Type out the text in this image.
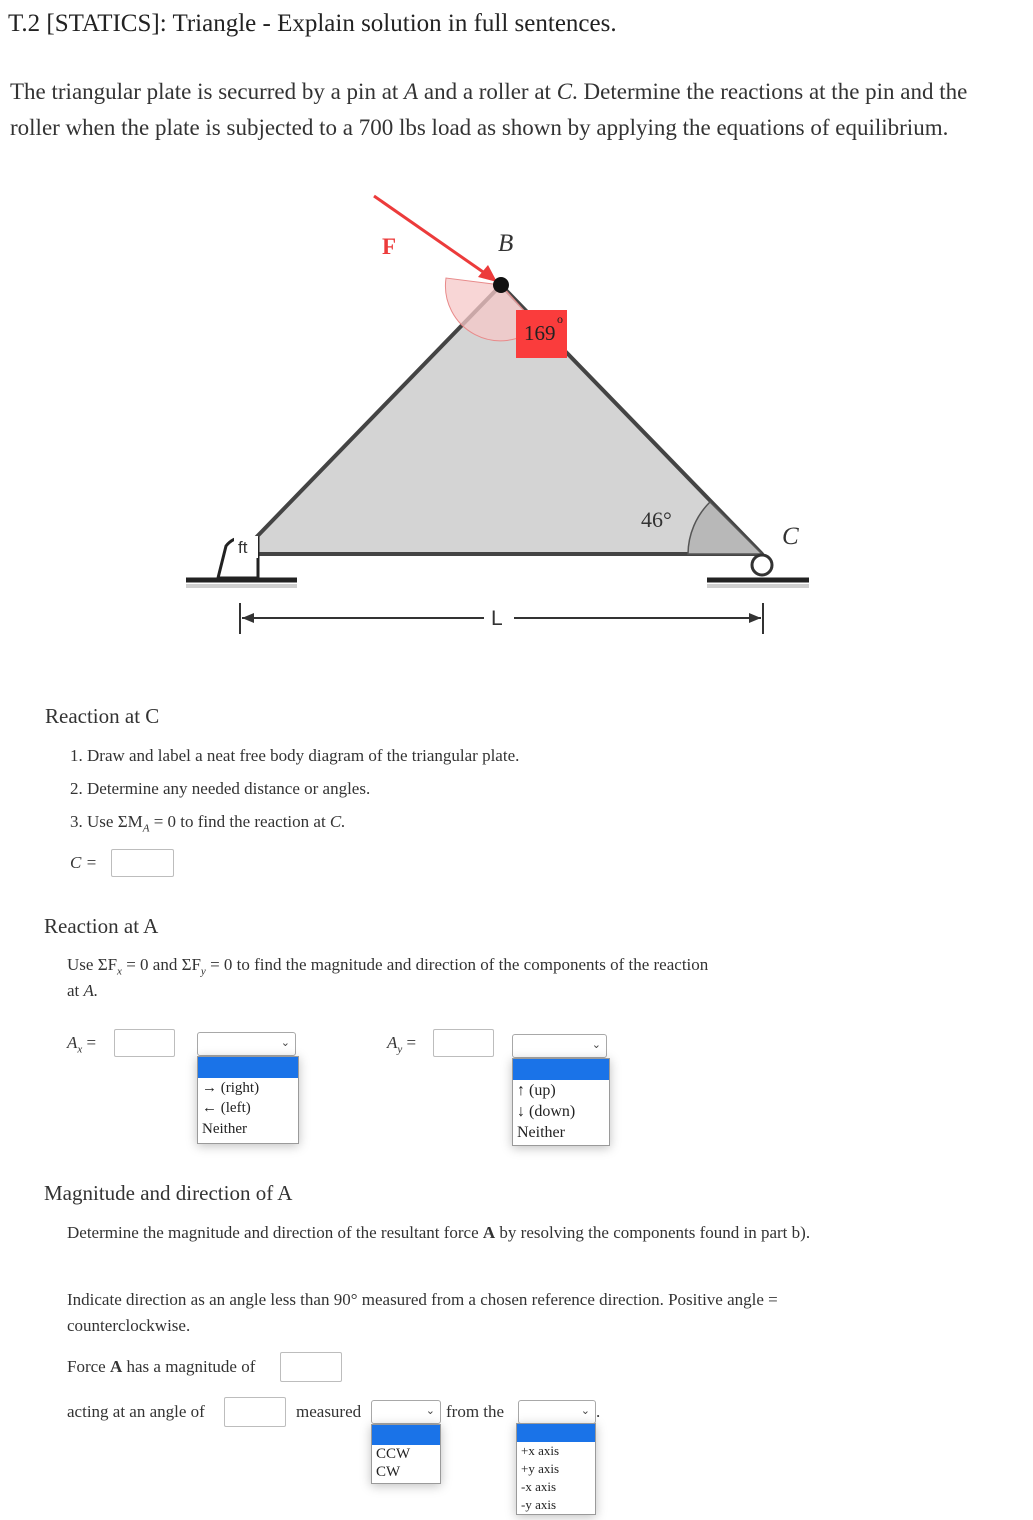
T.2 [STATICS]: Triangle - Explain solution in full sentences.
The triangular plate is securred by a pin at A and a roller at C. Determine the reactions at the pin and the roller when the plate is subjected to a 700 lbs load as shown by applying the equations of equilibrium.
169
o
F	B
C
46°
ft
L
Reaction at C
1. Draw and label a neat free body diagram of the triangular plate.
2. Determine any needed distance or angles.
3. Use $\Sigma M_A = 0$ to find the reaction at C.
C =
Reaction at A
Use $\Sigma F_x = 0$ and $\Sigma F_y = 0$ to find the magnitude and direction of the components of the reaction
at A.
$A_x$ =	⌄
→ (right)
← (left)
Neither
$A_y$ =	⌄
↑ (up)
↓ (down)
Neither
Magnitude and direction of A
Determine the magnitude and direction of the resultant force A by resolving the components found in part b).
Indicate direction as an angle less than 90° measured from a chosen reference direction. Positive angle = counterclockwise.
Force A has a magnitude of
acting at an angle of	measured	⌄ from the	⌄ .
CCW
CW
+x axis
+y axis
-x axis
-y axis
